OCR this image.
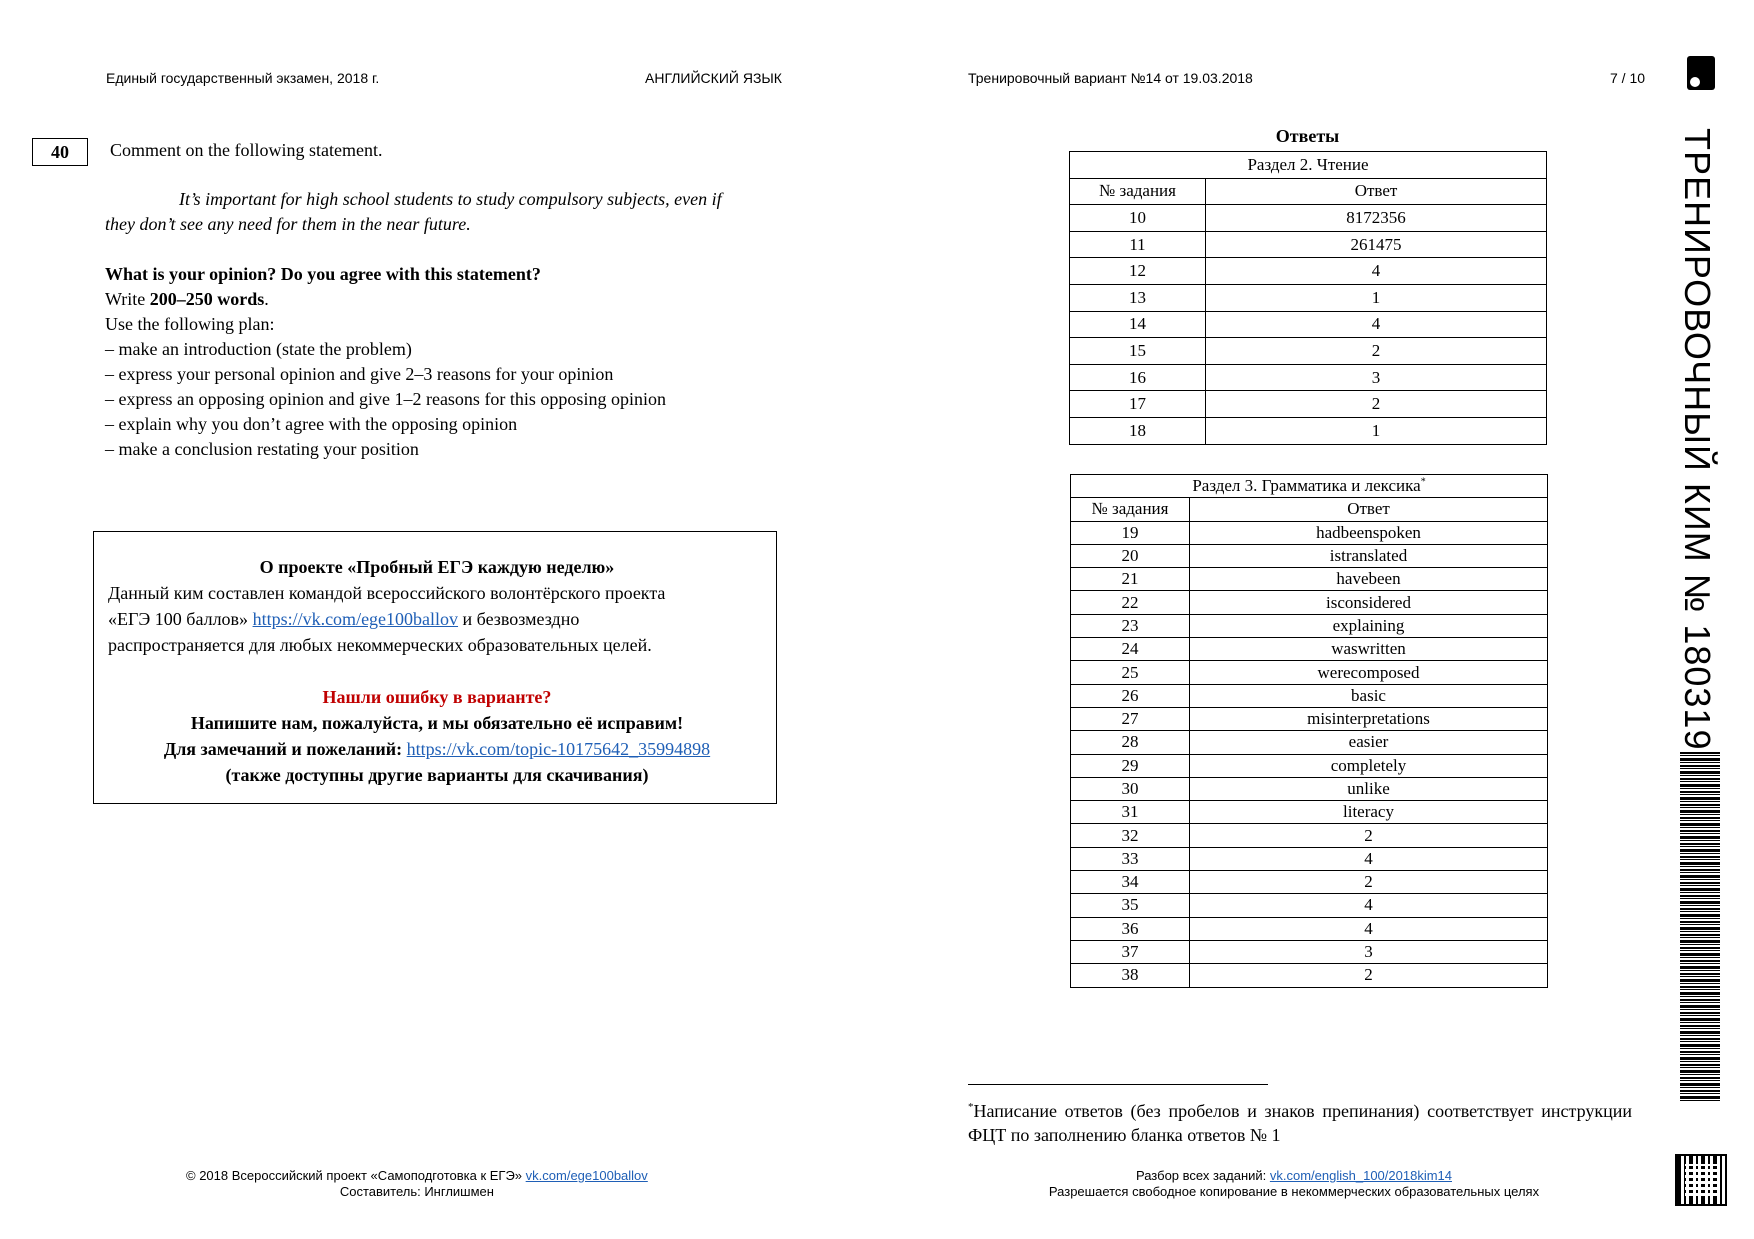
Единый государственный экзамен, 2018 г.	АНГЛИЙСКИЙ ЯЗЫК	Тренировочный вариант №14 от 19.03.2018	7 / 10
40	Comment on the following statement.
It’s important for high school students to study compulsory subjects, even if
they don’t see any need for them in the near future.
What is your opinion? Do you agree with this statement?
Write 200–250 words.
Use the following plan:
– make an introduction (state the problem)
– express your personal opinion and give 2–3 reasons for your opinion
– express an opposing opinion and give 1–2 reasons for this opposing opinion
– explain why you don’t agree with the opposing opinion
– make a conclusion restating your position
О проекте «Пробный ЕГЭ каждую неделю»
Данный ким составлен командой всероссийского волонтёрского проекта
«ЕГЭ 100 баллов» https://vk.com/ege100ballov и безвозмездно
распространяется для любых некоммерческих образовательных целей.
Нашли ошибку в варианте?
Напишите нам, пожалуйста, и мы обязательно её исправим!
Для замечаний и пожеланий: https://vk.com/topic-10175642_35994898
(также доступны другие варианты для скачивания)
Ответы
Раздел 2. Чтение	
№ задания	Ответ
10	8172356
11	261475
12	4
13	1
14	4
15	2
16	3
17	2
18	1
Раздел 3. Грамматика и лексика*
№ задания	Ответ
19	hadbeenspoken
20	istranslated
21	havebeen
22	isconsidered
23	explaining
24	waswritten
25	werecomposed
26	basic
27	misinterpretations
28	easier
29	completely
30	unlike
31	literacy
32	2
33	4
34	2
35	4
36	4
37	3
38	2
*Написание ответов (без пробелов и знаков препинания) соответствует инструкции ФЦТ по заполнению бланка ответов № 1
© 2018 Всероссийский проект «Самоподготовка к ЕГЭ» vk.com/ege100ballov
Составитель: Инглишмен
Разбор всех заданий: vk.com/english_100/2018kim14
Разрешается свободное копирование в некоммерческих образовательных целях
ТРЕНИРОВОЧНЫЙ КИМ № 180319
